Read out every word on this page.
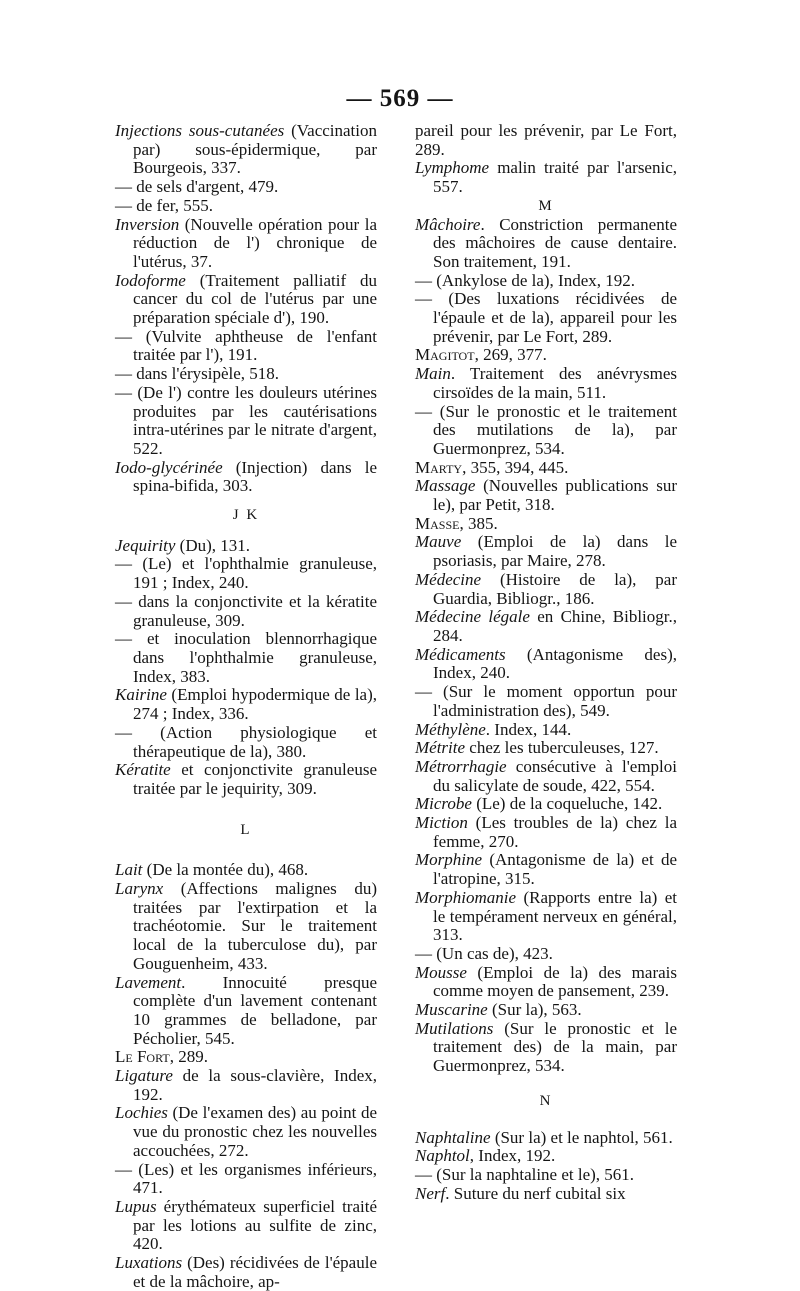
— 569 —

Injections sous-cutanées (Vaccination par) sous-épidermique, par Bourgeois, 337.

— de sels d'argent, 479.

— de fer, 555.

Inversion (Nouvelle opération pour la réduction de l') chronique de l'utérus, 37.

Iodoforme (Traitement palliatif du cancer du col de l'utérus par une préparation spéciale d'), 190.

— (Vulvite aphtheuse de l'enfant traitée par l'), 191.

— dans l'érysipèle, 518.

— (De l') contre les douleurs utérines produites par les cautérisations intra-utérines par le nitrate d'argent, 522.

Iodo-glycérinée (Injection) dans le spina-bifida, 303.

J K

Jequirity (Du), 131.

— (Le) et l'ophthalmie granuleuse, 191 ; Index, 240.

— dans la conjonctivite et la kératite granuleuse, 309.

— et inoculation blennorrhagique dans l'ophthalmie granuleuse, Index, 383.

Kairine (Emploi hypodermique de la), 274 ; Index, 336.

— (Action physiologique et thérapeutique de la), 380.

Kératite et conjonctivite granuleuse traitée par le jequirity, 309.

L

Lait (De la montée du), 468.

Larynx (Affections malignes du) traitées par l'extirpation et la trachéotomie. Sur le traitement local de la tuberculose du), par Gouguenheim, 433.

Lavement. Innocuité presque complète d'un lavement contenant 10 grammes de belladone, par Pécholier, 545.

Le Fort, 289.

Ligature de la sous-clavière, Index, 192.

Lochies (De l'examen des) au point de vue du pronostic chez les nouvelles accouchées, 272.

— (Les) et les organismes inférieurs, 471.

Lupus érythémateux superficiel traité par les lotions au sulfite de zinc, 420.

Luxations (Des) récidivées de l'épaule et de la mâchoire, ap-

pareil pour les prévenir, par Le Fort, 289.

Lymphome malin traité par l'arsenic, 557.

M

Mâchoire. Constriction permanente des mâchoires de cause dentaire. Son traitement, 191.

— (Ankylose de la), Index, 192.

— (Des luxations récidivées de l'épaule et de la), appareil pour les prévenir, par Le Fort, 289.

Magitot, 269, 377.

Main. Traitement des anévrysmes cirsoïdes de la main, 511.

— (Sur le pronostic et le traitement des mutilations de la), par Guermonprez, 534.

Marty, 355, 394, 445.

Massage (Nouvelles publications sur le), par Petit, 318.

Masse, 385.

Mauve (Emploi de la) dans le psoriasis, par Maire, 278.

Médecine (Histoire de la), par Guardia, Bibliogr., 186.

Médecine légale en Chine, Bibliogr., 284.

Médicaments (Antagonisme des), Index, 240.

— (Sur le moment opportun pour l'administration des), 549.

Méthylène. Index, 144.

Métrite chez les tuberculeuses, 127.

Métrorrhagie consécutive à l'emploi du salicylate de soude, 422, 554.

Microbe (Le) de la coqueluche, 142.

Miction (Les troubles de la) chez la femme, 270.

Morphine (Antagonisme de la) et de l'atropine, 315.

Morphiomanie (Rapports entre la) et le tempérament nerveux en général, 313.

— (Un cas de), 423.

Mousse (Emploi de la) des marais comme moyen de pansement, 239.

Muscarine (Sur la), 563.

Mutilations (Sur le pronostic et le traitement des) de la main, par Guermonprez, 534.

N

Naphtaline (Sur la) et le naphtol, 561.

Naphtol, Index, 192.

— (Sur la naphtaline et le), 561.

Nerf. Suture du nerf cubital six
